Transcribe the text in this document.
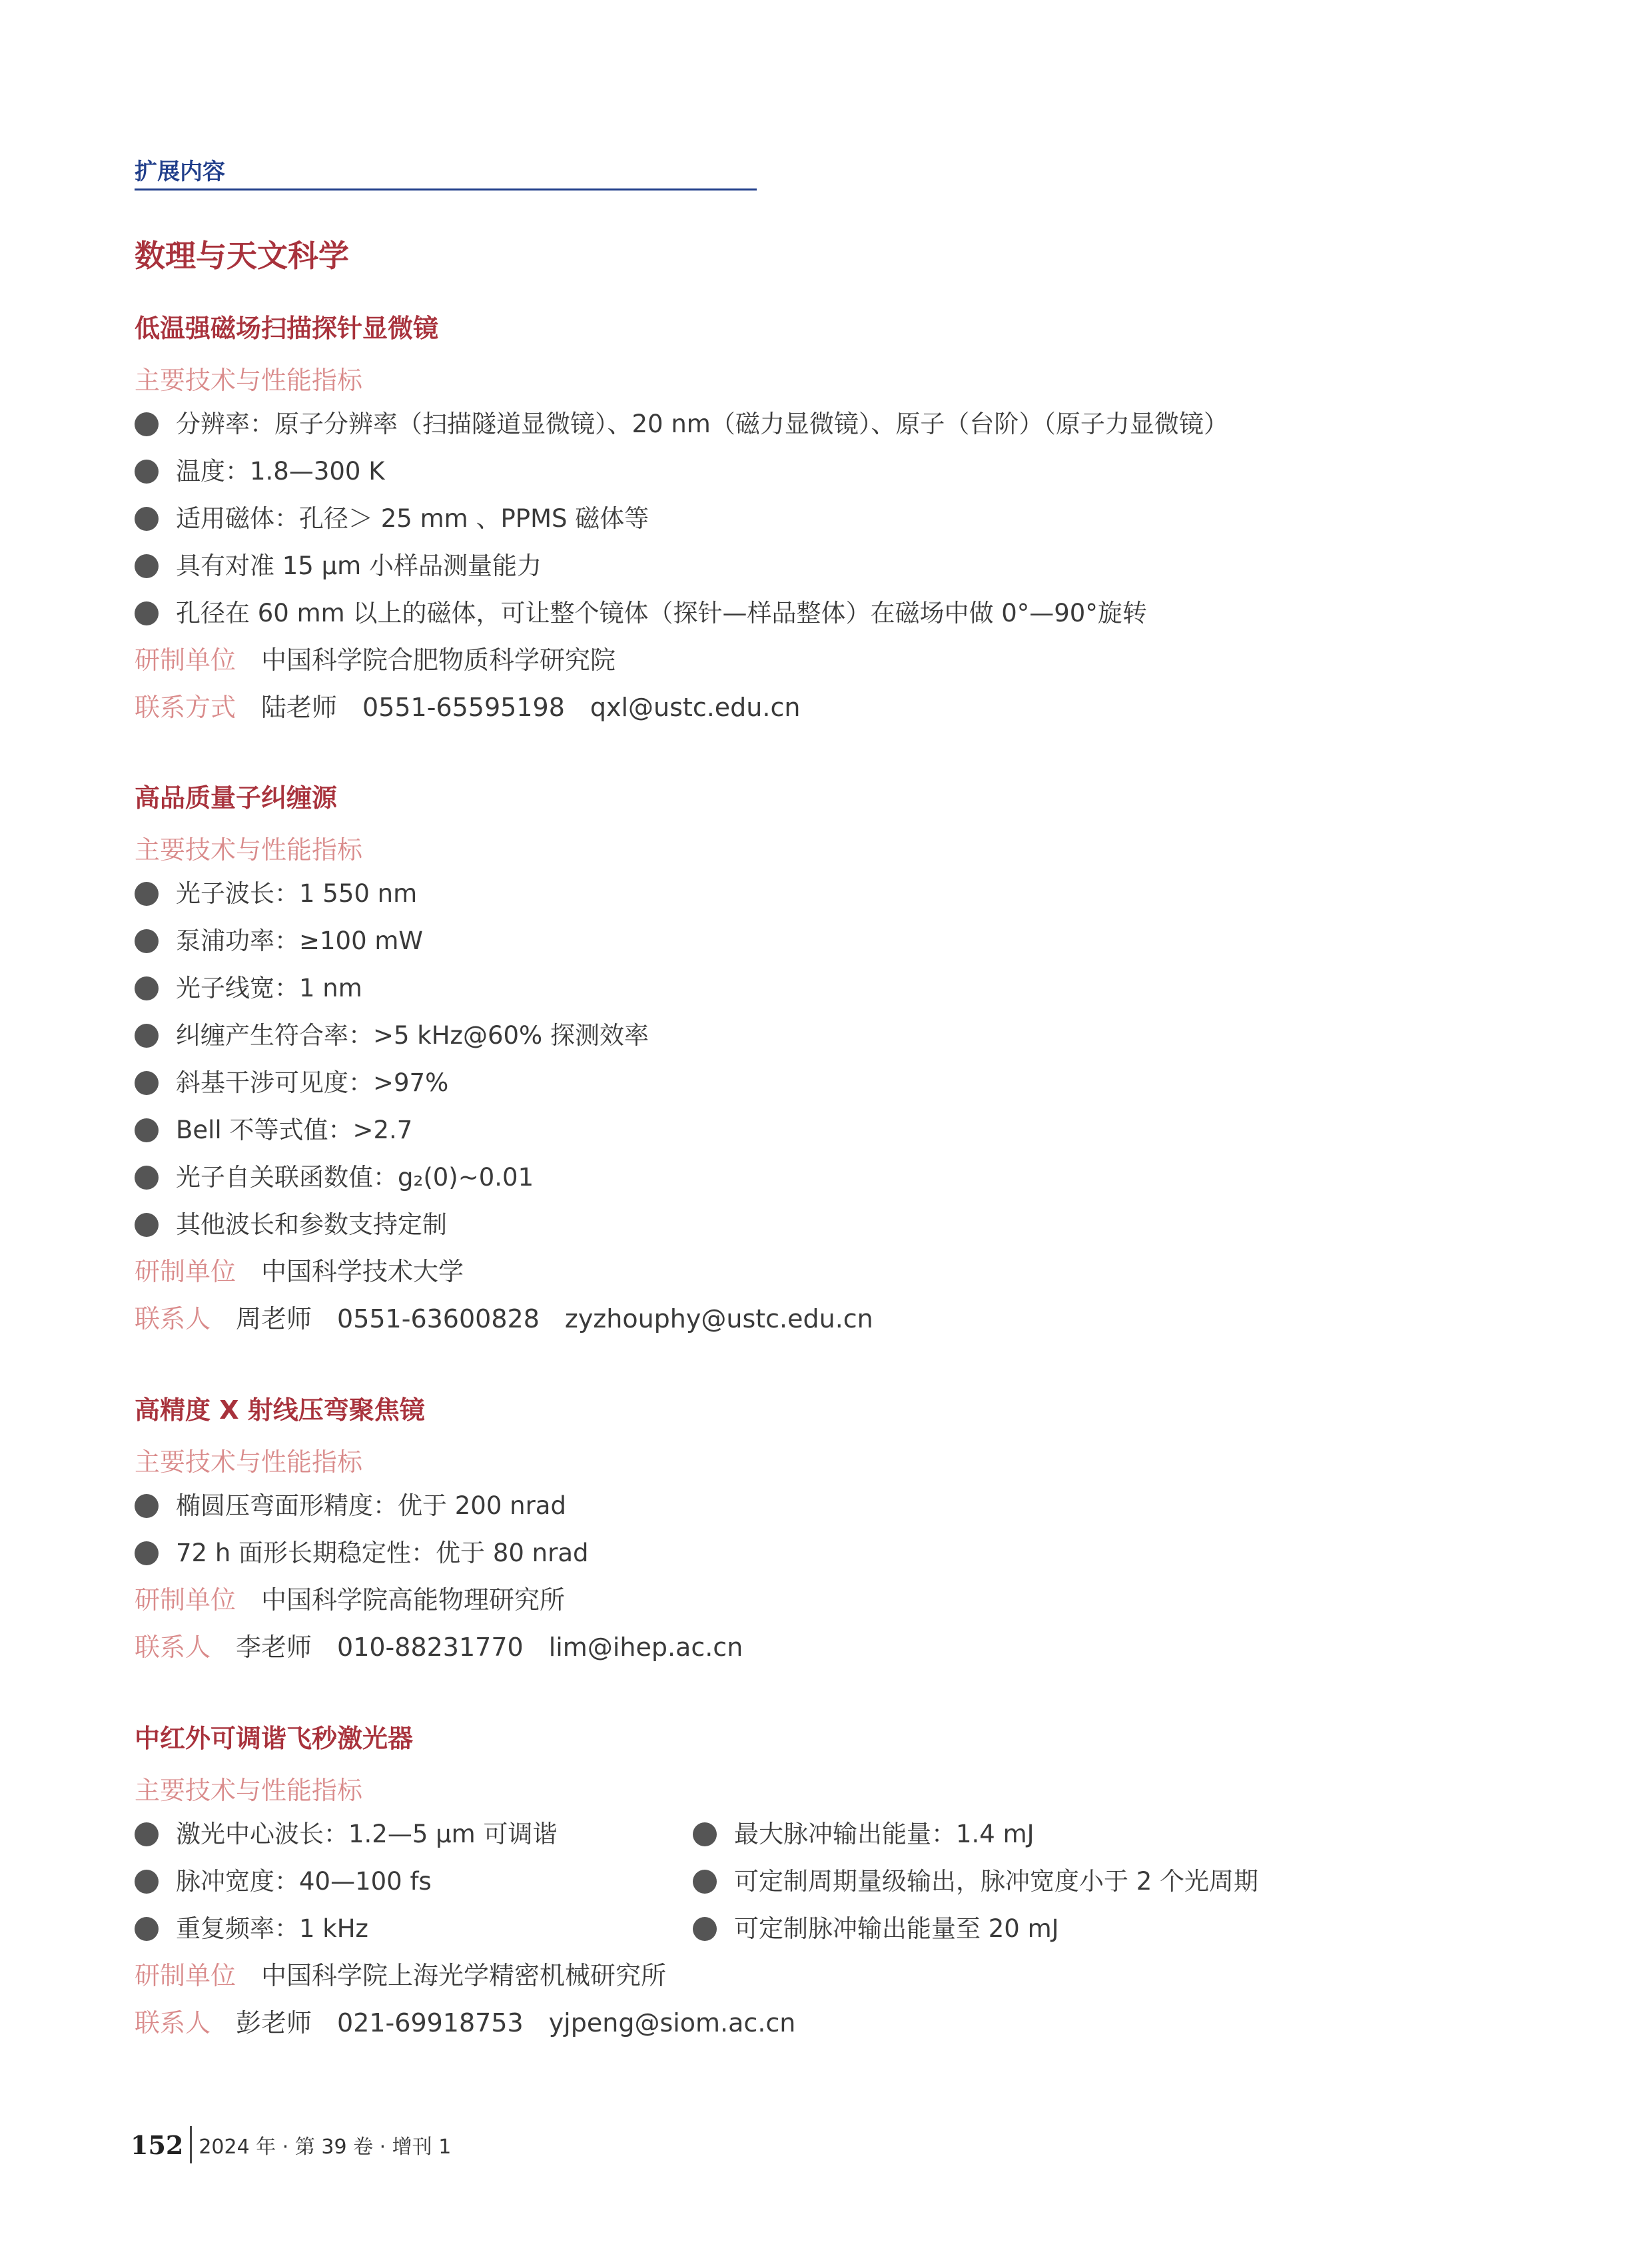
扩展内容
数理与天文科学
低温强磁场扫描探针显微镜
主要技术与性能指标
分辨率：原子分辨率（扫描隧道显微镜）、20 nm（磁力显微镜）、原子（台阶）（原子力显微镜）
温度：1.8—300 K
适用磁体：孔径＞ 25 mm 、PPMS 磁体等
具有对准 15 μm 小样品测量能力
孔径在 60 mm 以上的磁体，可让整个镜体（探针—样品整体）在磁场中做 0°—90°旋转
研制单位 中国科学院合肥物质科学研究院
联系方式 陆老师 0551-65595198 qxl@ustc.edu.cn
高品质量子纠缠源
主要技术与性能指标
光子波长：1 550 nm
泵浦功率：≥100 mW
光子线宽：1 nm
纠缠产生符合率：>5 kHz@60% 探测效率
斜基干涉可见度：>97%
Bell 不等式值：>2.7
光子自关联函数值：g₂(0)~0.01
其他波长和参数支持定制
研制单位 中国科学技术大学
联系人 周老师 0551-63600828 zyzhouphy@ustc.edu.cn
高精度 X 射线压弯聚焦镜
主要技术与性能指标
椭圆压弯面形精度：优于 200 nrad
72 h 面形长期稳定性：优于 80 nrad
研制单位 中国科学院高能物理研究所
联系人 李老师 010-88231770 lim@ihep.ac.cn
中红外可调谐飞秒激光器
主要技术与性能指标
激光中心波长：1.2—5 μm 可调谐	最大脉冲输出能量：1.4 mJ
脉冲宽度：40—100 fs	可定制周期量级输出，脉冲宽度小于 2 个光周期
重复频率：1 kHz	可定制脉冲输出能量至 20 mJ
研制单位 中国科学院上海光学精密机械研究所
联系人 彭老师 021-69918753 yjpeng@siom.ac.cn
152 2024 年 · 第 39 卷 · 增刊 1
